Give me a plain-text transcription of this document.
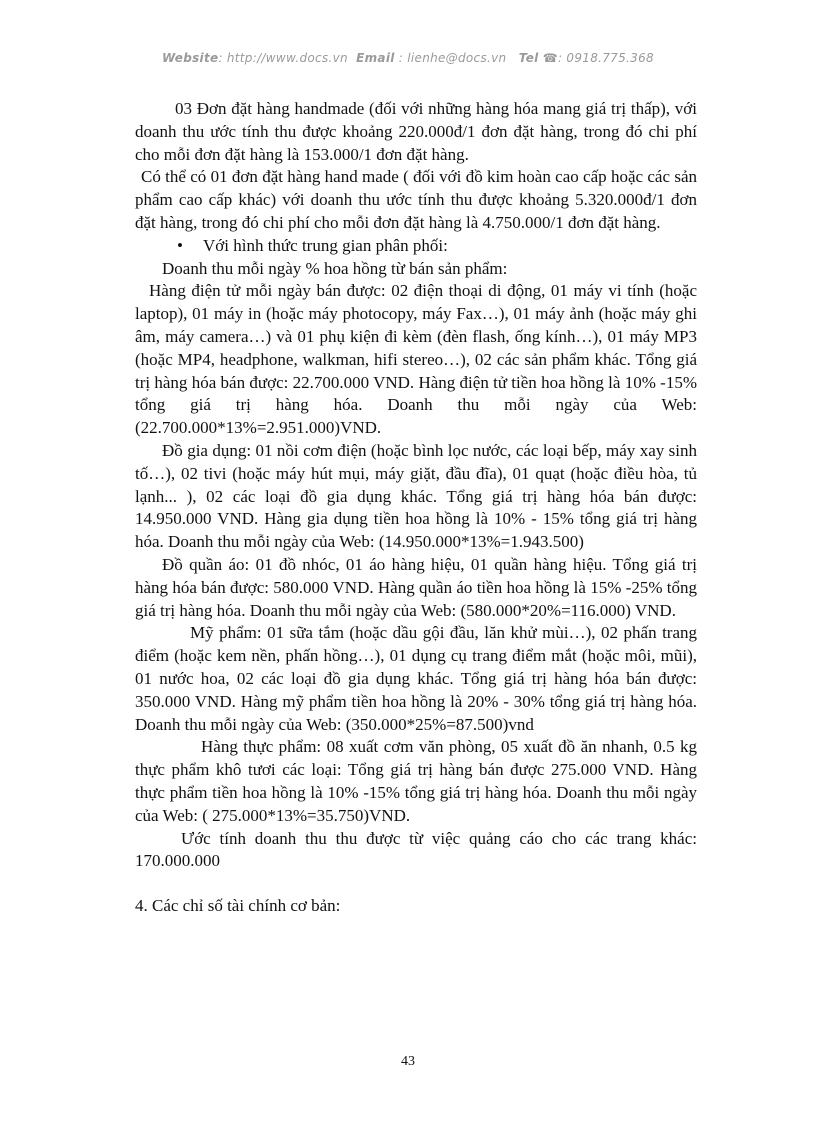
Website: http://www.docs.vn Email : lienhe@docs.vn Tel ☎: 0918.775.368

03 Đơn đặt hàng handmade (đối với những hàng hóa mang giá trị thấp), với doanh thu ước tính thu được khoảng 220.000đ/1 đơn đặt hàng, trong đó chi phí cho mỗi đơn đặt hàng là 153.000/1 đơn đặt hàng.

Có thể có 01 đơn đặt hàng hand made ( đối với đồ kim hoàn cao cấp hoặc các sản phẩm cao cấp khác) với doanh thu ước tính thu được khoảng 5.320.000đ/1 đơn đặt hàng, trong đó chi phí cho mỗi đơn đặt hàng là 4.750.000/1 đơn đặt hàng.

• Với hình thức trung gian phân phối:

Doanh thu mỗi ngày % hoa hồng từ bán sản phẩm:

Hàng điện tử mỗi ngày bán được: 02 điện thoại di động, 01 máy vi tính (hoặc laptop), 01 máy in (hoặc máy photocopy, máy Fax…), 01 máy ảnh (hoặc máy ghi âm, máy camera…) và 01 phụ kiện đi kèm (đèn flash, ống kính…), 01 máy MP3 (hoặc MP4, headphone, walkman, hifi stereo…), 02 các sản phẩm khác. Tổng giá trị hàng hóa bán được: 22.700.000 VND. Hàng điện tử tiền hoa hồng là 10% -15% tổng giá trị hàng hóa. Doanh thu mỗi ngày của Web: (22.700.000*13%=2.951.000)VND.

Đồ gia dụng: 01 nồi cơm điện (hoặc bình lọc nước, các loại bếp, máy xay sinh tố…), 02 tivi (hoặc máy hút mụi, máy giặt, đầu đĩa), 01 quạt (hoặc điều hòa, tủ lạnh... ), 02 các loại đồ gia dụng khác. Tổng giá trị hàng hóa bán được: 14.950.000 VND. Hàng gia dụng tiền hoa hồng là 10% - 15% tổng giá trị hàng hóa. Doanh thu mỗi ngày của Web: (14.950.000*13%=1.943.500)

Đồ quần áo: 01 đồ nhóc, 01 áo hàng hiệu, 01 quần hàng hiệu. Tổng giá trị hàng hóa bán được: 580.000 VND. Hàng quần áo tiền hoa hồng là 15% -25% tổng giá trị hàng hóa. Doanh thu mỗi ngày của Web: (580.000*20%=116.000) VND.

Mỹ phẩm: 01 sữa tắm (hoặc dầu gội đầu, lăn khử mùi…), 02 phấn trang điểm (hoặc kem nền, phấn hồng…), 01 dụng cụ trang điểm mắt (hoặc môi, mũi), 01 nước hoa, 02 các loại đồ gia dụng khác. Tổng giá trị hàng hóa bán được: 350.000 VND. Hàng mỹ phẩm tiền hoa hồng là 20% - 30% tổng giá trị hàng hóa. Doanh thu mỗi ngày của Web: (350.000*25%=87.500)vnd

Hàng thực phẩm: 08 xuất cơm văn phòng, 05 xuất đồ ăn nhanh, 0.5 kg thực phẩm khô tươi các loại: Tổng giá trị hàng bán được 275.000 VND. Hàng thực phẩm tiền hoa hồng là 10% -15% tổng giá trị hàng hóa. Doanh thu mỗi ngày của Web: ( 275.000*13%=35.750)VND.

Ước tính doanh thu thu được từ việc quảng cáo cho các trang khác: 170.000.000

4. Các chỉ số tài chính cơ bản:

43
